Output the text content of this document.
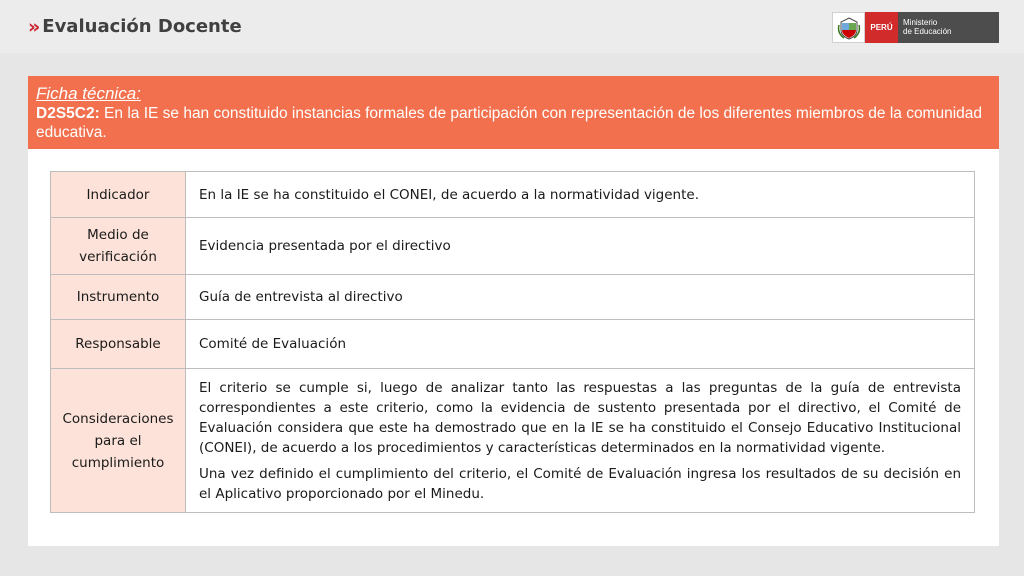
» Evaluación Docente	PERÚ
Ministerio
de Educación
Ficha técnica:
D2S5C2: En la IE se han constituido instancias formales de participación con representación de los diferentes miembros de la comunidad educativa.
Indicador	En la IE se ha constituido el CONEI, de acuerdo a la normatividad vigente.
Medio de verificación	Evidencia presentada por el directivo
Instrumento	Guía de entrevista al directivo
Responsable	Comité de Evaluación
Consideraciones para el cumplimiento	El criterio se cumple si, luego de analizar tanto las respuestas a las preguntas de la guía de entrevista correspondientes a este criterio, como la evidencia de sustento presentada por el directivo, el Comité de Evaluación considera que este ha demostrado que en la IE se ha constituido el Consejo Educativo Institucional (CONEI), de acuerdo a los procedimientos y características determinados en la normatividad vigente.

Una vez definido el cumplimiento del criterio, el Comité de Evaluación ingresa los resultados de su decisión en el Aplicativo proporcionado por el Minedu.
